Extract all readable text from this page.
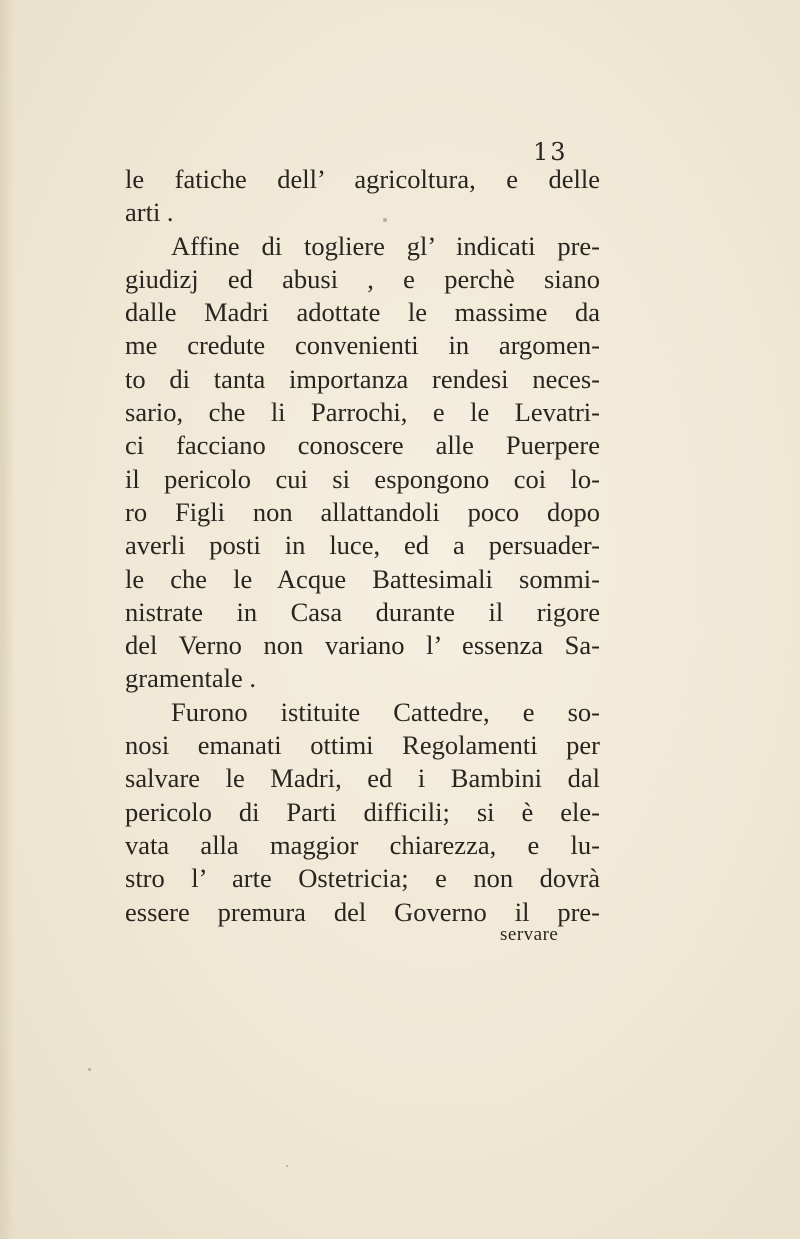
13

le fatiche dell’ agricoltura, e delle
arti .
Affine di togliere gl’ indicati pre-
giudizj ed abusi , e perchè siano
dalle Madri adottate le massime da
me credute convenienti in argomen-
to di tanta importanza rendesi neces-
sario, che li Parrochi, e le Levatri-
ci facciano conoscere alle Puerpere
il pericolo cui si espongono coi lo-
ro Figli non allattandoli poco dopo
averli posti in luce, ed a persuader-
le che le Acque Battesimali sommi-
nistrate in Casa durante il rigore
del Verno non variano l’ essenza Sa-
gramentale .
Furono istituite Cattedre, e so-
nosi emanati ottimi Regolamenti per
salvare le Madri, ed i Bambini dal
pericolo di Parti difficili; si è ele-
vata alla maggior chiarezza, e lu-
stro l’ arte Ostetricia; e non dovrà
essere premura del Governo il pre-

servare
